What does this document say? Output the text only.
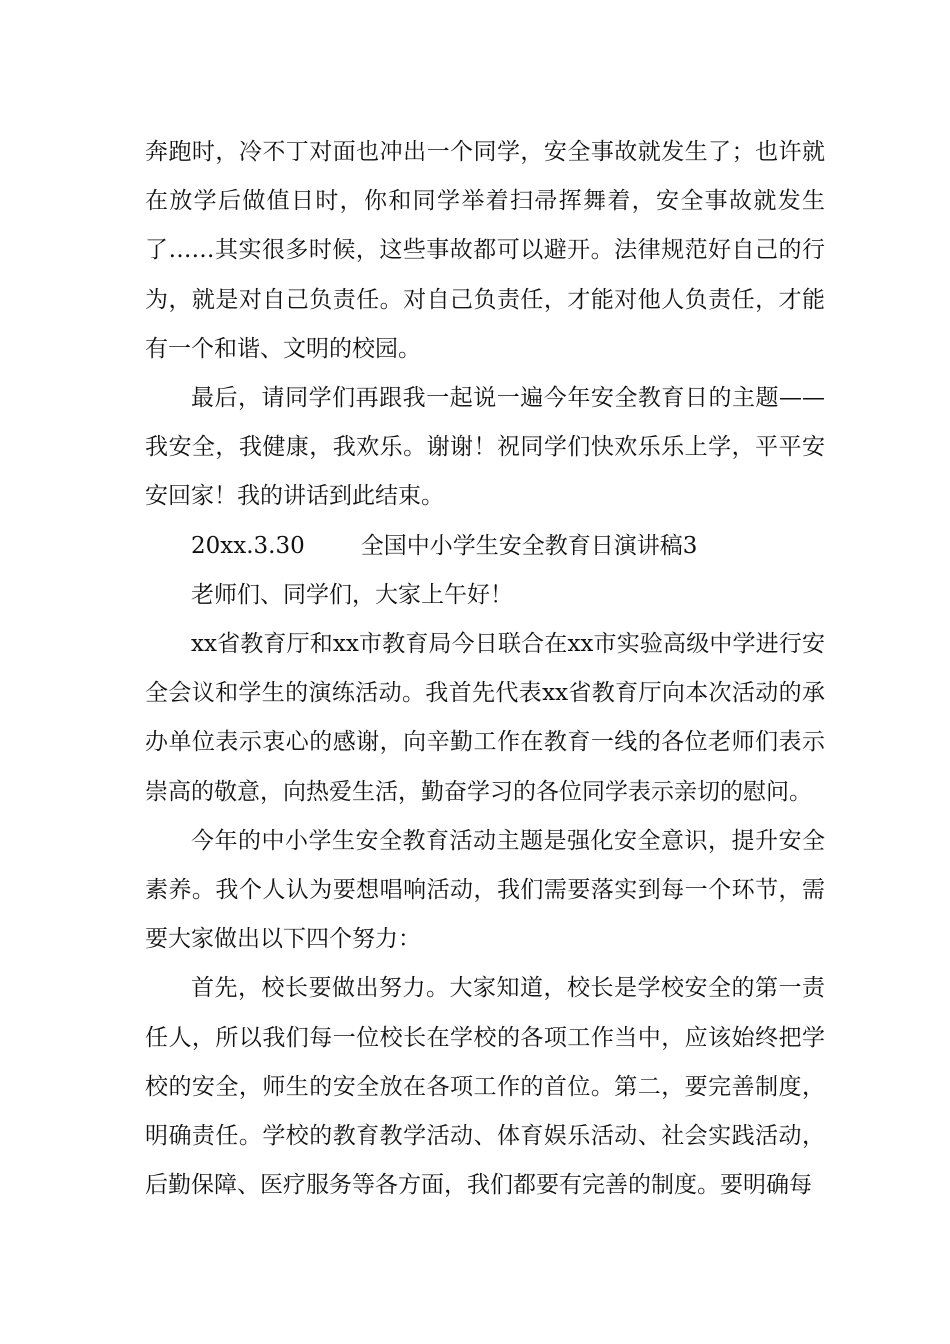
奔跑时，冷不丁对面也冲出一个同学，安全事故就发生了；也许就在放学后做值日时，你和同学举着扫帚挥舞着，安全事故就发生了……其实很多时候，这些事故都可以避开。法律规范好自己的行为，就是对自己负责任。对自己负责任，才能对他人负责任，才能有一个和谐、文明的校园。

最后，请同学们再跟我一起说一遍今年安全教育日的主题——我安全，我健康，我欢乐。谢谢！祝同学们快欢乐乐上学，平平安安回家！我的讲话到此结束。

20xx.3.30 全国中小学生安全教育日演讲稿3

老师们、同学们，大家上午好！

xx省教育厅和xx市教育局今日联合在xx市实验高级中学进行安全会议和学生的演练活动。我首先代表xx省教育厅向本次活动的承办单位表示衷心的感谢，向辛勤工作在教育一线的各位老师们表示崇高的敬意，向热爱生活，勤奋学习的各位同学表示亲切的慰问。

今年的中小学生安全教育活动主题是强化安全意识，提升安全素养。我个人认为要想唱响活动，我们需要落实到每一个环节，需要大家做出以下四个努力：

首先，校长要做出努力。大家知道，校长是学校安全的第一责任人，所以我们每一位校长在学校的各项工作当中，应该始终把学校的安全，师生的安全放在各项工作的首位。第二，要完善制度，明确责任。学校的教育教学活动、体育娱乐活动、社会实践活动，后勤保障、医疗服务等各方面，我们都要有完善的制度。要明确每
